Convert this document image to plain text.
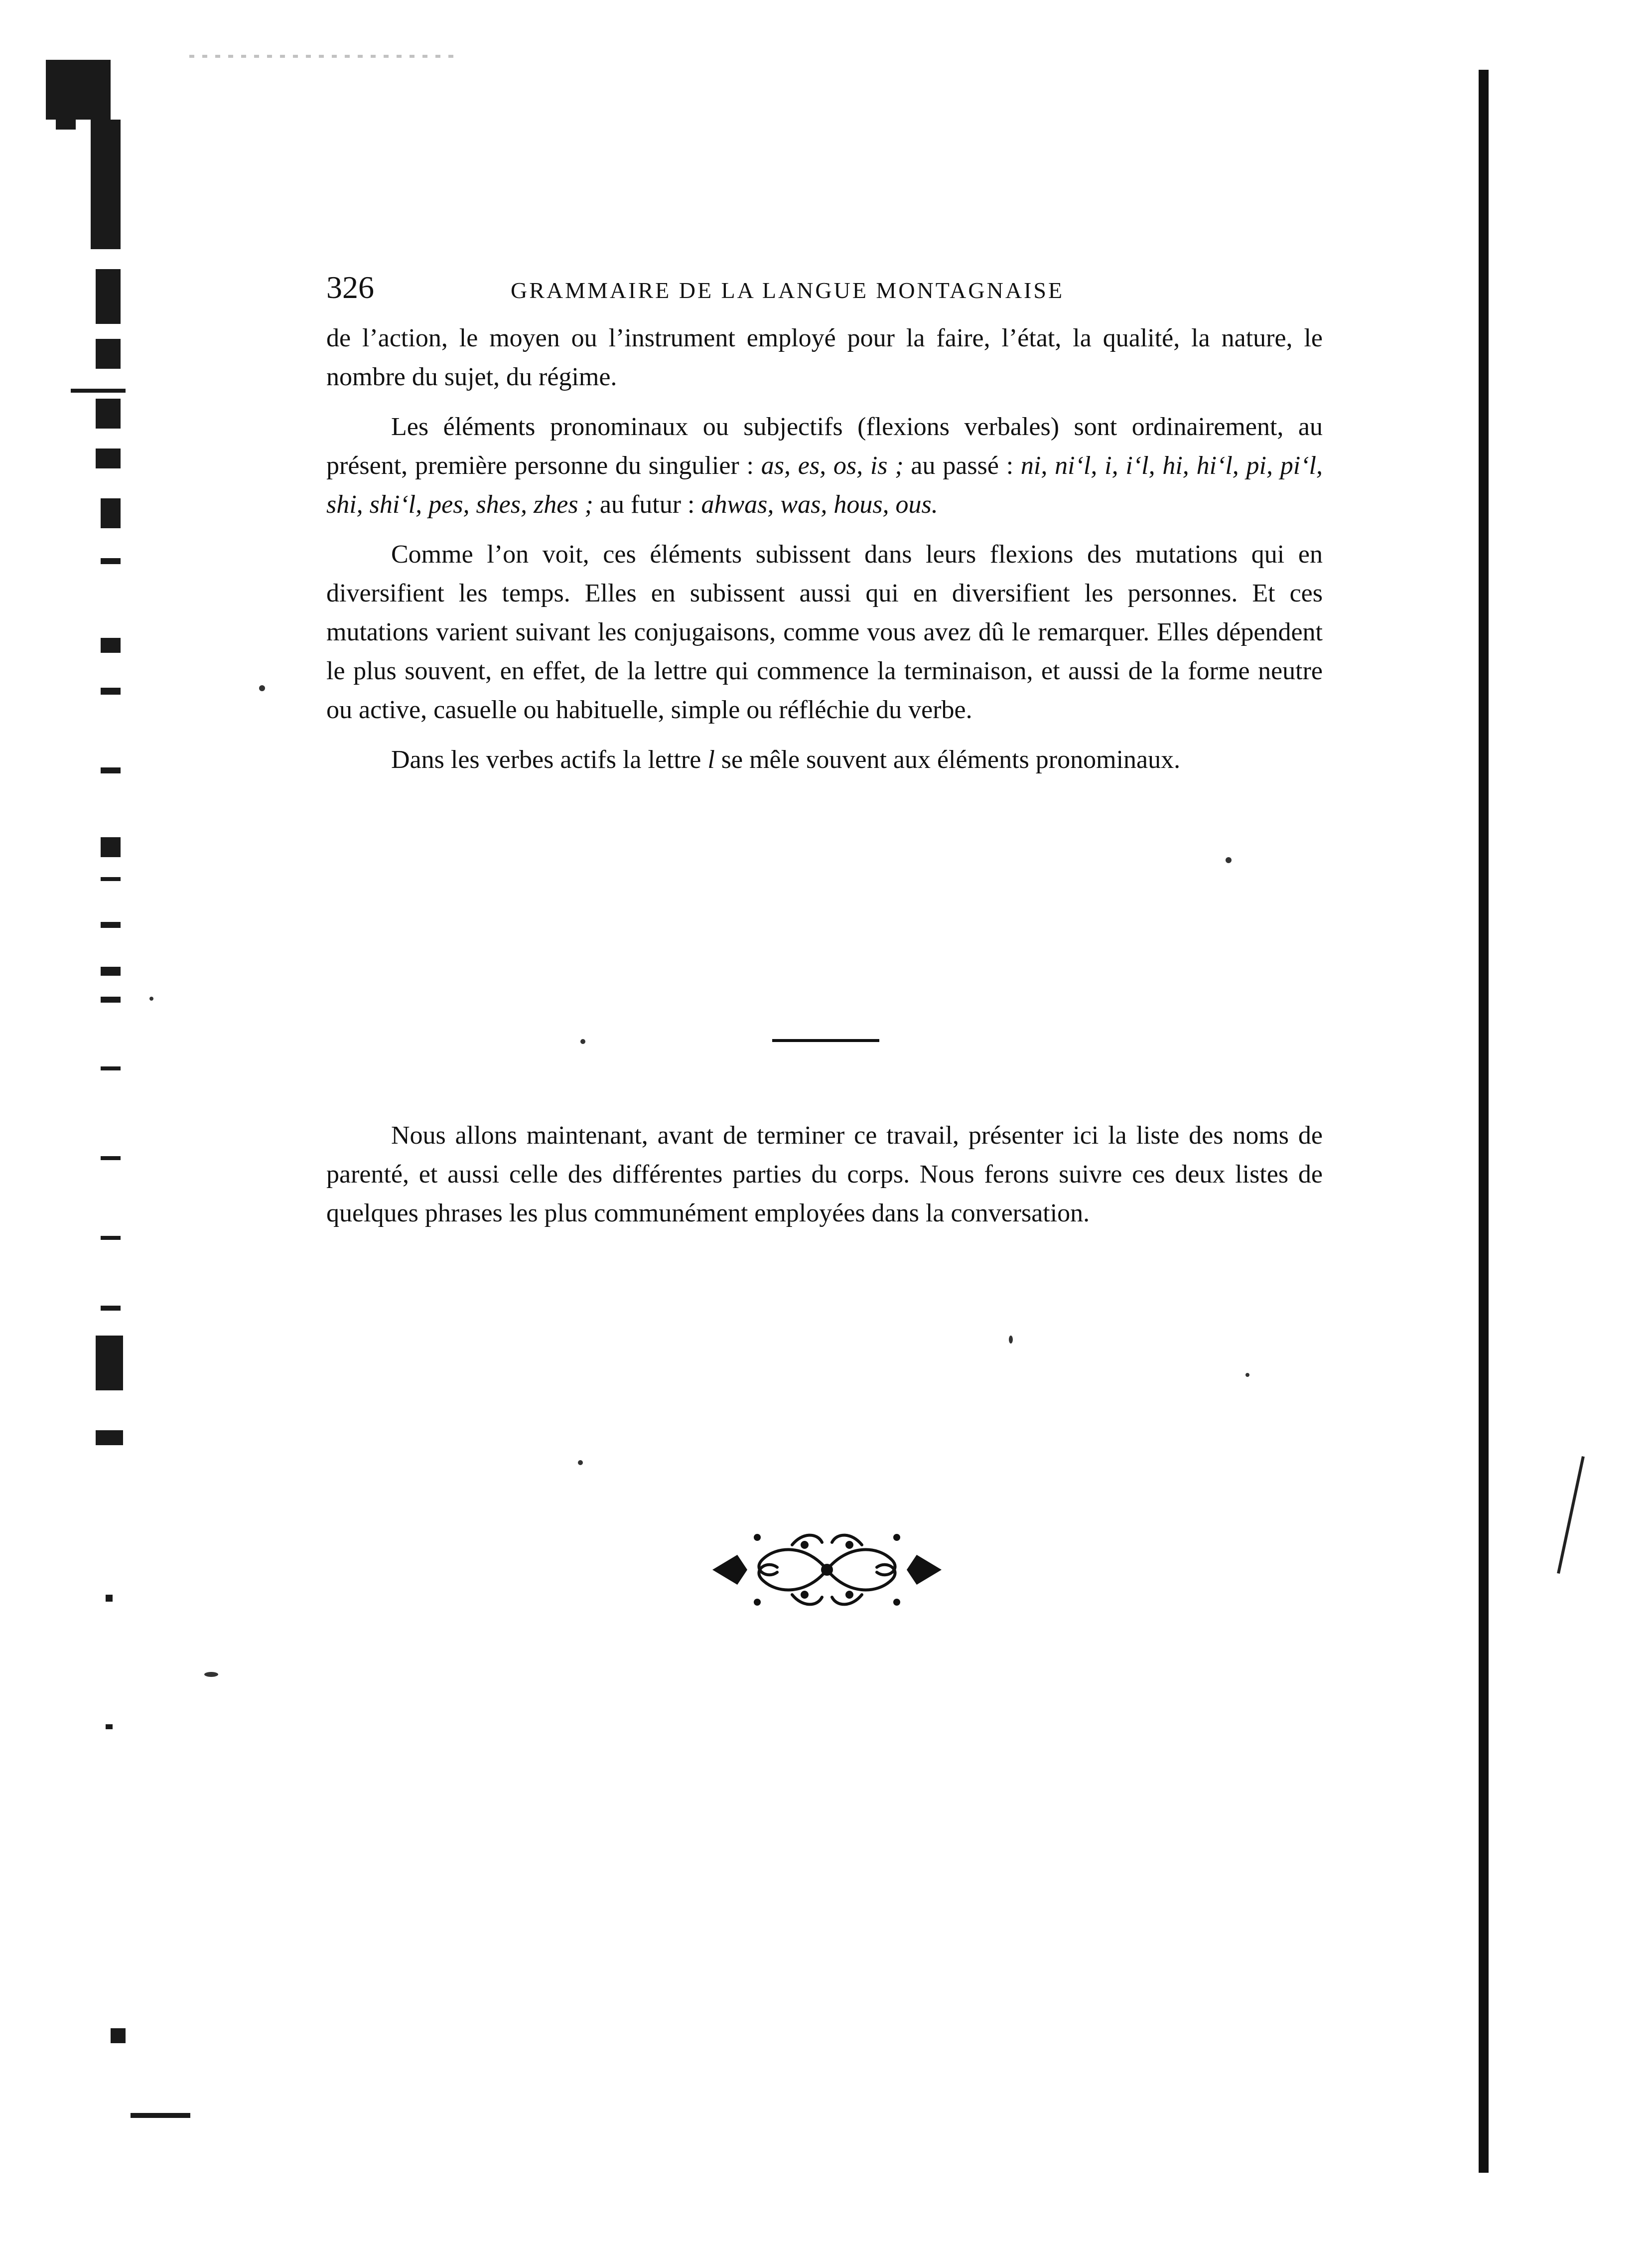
326	GRAMMAIRE DE LA LANGUE MONTAGNAISE

de l’action, le moyen ou l’instrument employé pour la faire, l’état, la qualité, la nature, le nombre du sujet, du régime.

Les éléments pronominaux ou subjectifs (flexions verbales) sont ordinairement, au présent, première personne du singulier : as, es, os, is ; au passé : ni, ni‘l, i, i‘l, hi, hi‘l, pi, pi‘l, shi, shi‘l, pes, shes, zhes ; au futur : ahwas, was, hous, ous.

Comme l’on voit, ces éléments subissent dans leurs flexions des mutations qui en diversifient les temps. Elles en subissent aussi qui en diversifient les personnes. Et ces mutations varient suivant les conjugaisons, comme vous avez dû le remarquer. Elles dépendent le plus souvent, en effet, de la lettre qui commence la terminaison, et aussi de la forme neutre ou active, casuelle ou habituelle, simple ou réfléchie du verbe.

Dans les verbes actifs la lettre l se mêle souvent aux éléments pronominaux.

Nous allons maintenant, avant de terminer ce travail, présenter ici la liste des noms de parenté, et aussi celle des différentes parties du corps. Nous ferons suivre ces deux listes de quelques phrases les plus communément employées dans la conversation.
